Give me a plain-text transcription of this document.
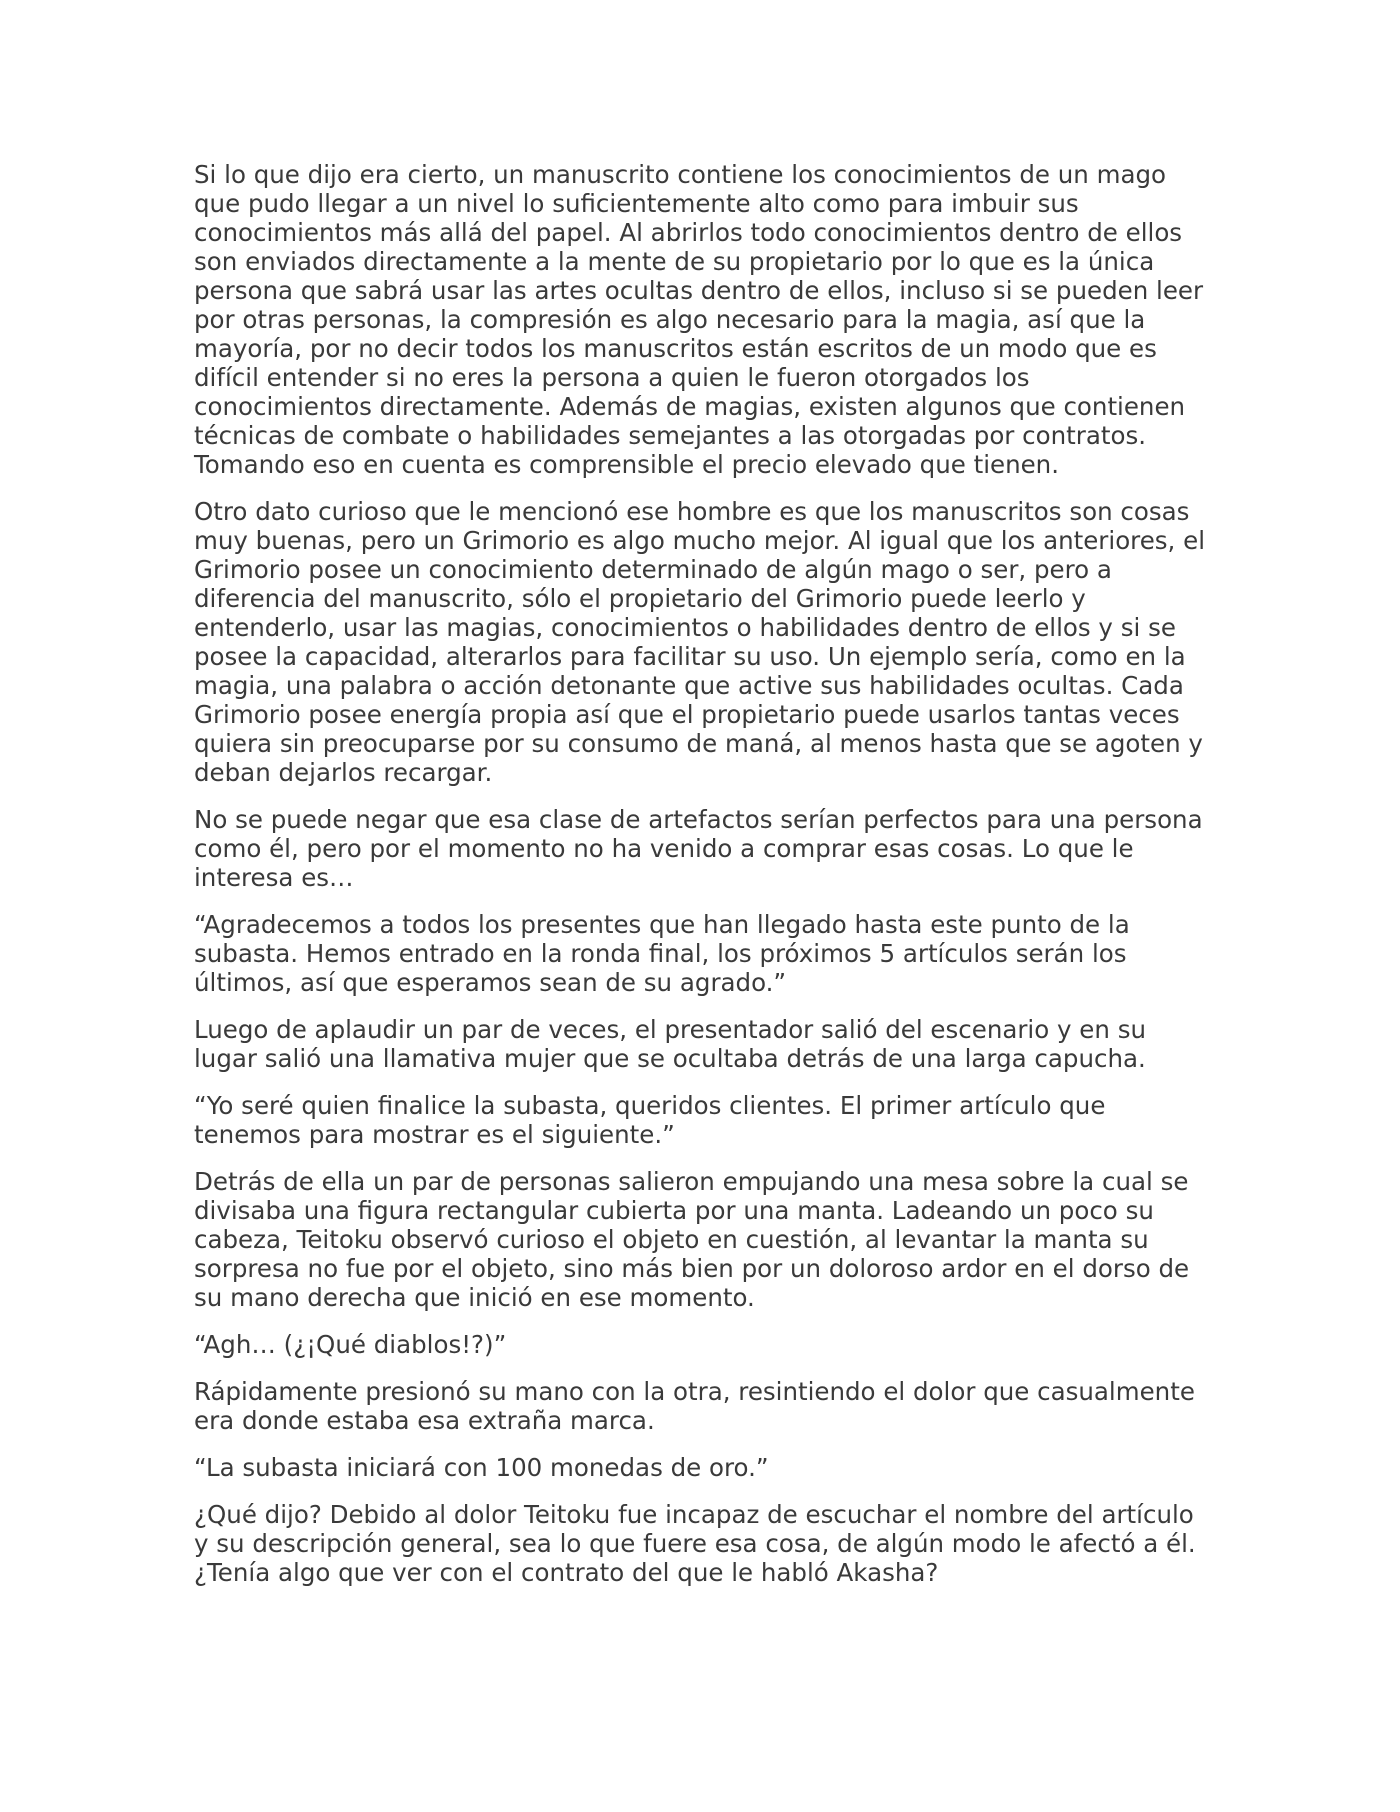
Si lo que dijo era cierto, un manuscrito contiene los conocimientos de un mago que pudo llegar a un nivel lo suficientemente alto como para imbuir sus conocimientos más allá del papel. Al abrirlos todo conocimientos dentro de ellos son enviados directamente a la mente de su propietario por lo que es la única persona que sabrá usar las artes ocultas dentro de ellos, incluso si se pueden leer por otras personas, la compresión es algo necesario para la magia, así que la mayoría, por no decir todos los manuscritos están escritos de un modo que es difícil entender si no eres la persona a quien le fueron otorgados los conocimientos directamente. Además de magias, existen algunos que contienen técnicas de combate o habilidades semejantes a las otorgadas por contratos. Tomando eso en cuenta es comprensible el precio elevado que tienen.

Otro dato curioso que le mencionó ese hombre es que los manuscritos son cosas muy buenas, pero un Grimorio es algo mucho mejor. Al igual que los anteriores, el Grimorio posee un conocimiento determinado de algún mago o ser, pero a diferencia del manuscrito, sólo el propietario del Grimorio puede leerlo y entenderlo, usar las magias, conocimientos o habilidades dentro de ellos y si se posee la capacidad, alterarlos para facilitar su uso. Un ejemplo sería, como en la magia, una palabra o acción detonante que active sus habilidades ocultas. Cada Grimorio posee energía propia así que el propietario puede usarlos tantas veces quiera sin preocuparse por su consumo de maná, al menos hasta que se agoten y deban dejarlos recargar.

No se puede negar que esa clase de artefactos serían perfectos para una persona como él, pero por el momento no ha venido a comprar esas cosas. Lo que le interesa es…

“Agradecemos a todos los presentes que han llegado hasta este punto de la subasta. Hemos entrado en la ronda final, los próximos 5 artículos serán los últimos, así que esperamos sean de su agrado.”

Luego de aplaudir un par de veces, el presentador salió del escenario y en su lugar salió una llamativa mujer que se ocultaba detrás de una larga capucha.

“Yo seré quien finalice la subasta, queridos clientes. El primer artículo que tenemos para mostrar es el siguiente.”

Detrás de ella un par de personas salieron empujando una mesa sobre la cual se divisaba una figura rectangular cubierta por una manta. Ladeando un poco su cabeza, Teitoku observó curioso el objeto en cuestión, al levantar la manta su sorpresa no fue por el objeto, sino más bien por un doloroso ardor en el dorso de su mano derecha que inició en ese momento.

“Agh… (¿¡Qué diablos!?)”

Rápidamente presionó su mano con la otra, resintiendo el dolor que casualmente era donde estaba esa extraña marca.

“La subasta iniciará con 100 monedas de oro.”

¿Qué dijo? Debido al dolor Teitoku fue incapaz de escuchar el nombre del artículo y su descripción general, sea lo que fuere esa cosa, de algún modo le afectó a él. ¿Tenía algo que ver con el contrato del que le habló Akasha?
